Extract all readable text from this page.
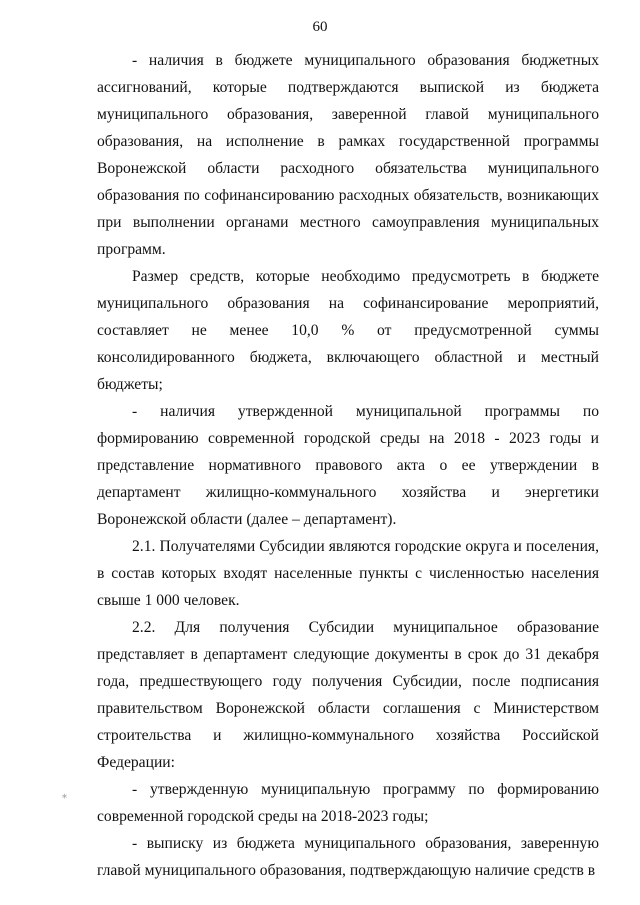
60

- наличия в бюджете муниципального образования бюджетных ассигнований, которые подтверждаются выпиской из бюджета муниципального образования, заверенной главой муниципального образования, на исполнение в рамках государственной программы Воронежской области расходного обязательства муниципального образования по софинансированию расходных обязательств, возникающих при выполнении органами местного самоуправления муниципальных программ.

Размер средств, которые необходимо предусмотреть в бюджете муниципального образования на софинансирование мероприятий, составляет не менее 10,0 % от предусмотренной суммы консолидированного бюджета, включающего областной и местный бюджеты;

- наличия утвержденной муниципальной программы по формированию современной городской среды на 2018 - 2023 годы и представление нормативного правового акта о ее утверждении в департамент жилищно-коммунального хозяйства и энергетики Воронежской области (далее – департамент).

2.1. Получателями Субсидии являются городские округа и поселения, в состав которых входят населенные пункты с численностью населения свыше 1 000 человек.

2.2. Для получения Субсидии муниципальное образование представляет в департамент следующие документы в срок до 31 декабря года, предшествующего году получения Субсидии, после подписания правительством Воронежской области соглашения с Министерством строительства и жилищно-коммунального хозяйства Российской Федерации:

- утвержденную муниципальную программу по формированию современной городской среды на 2018-2023 годы;

- выписку из бюджета муниципального образования, заверенную главой муниципального образования, подтверждающую наличие средств в

⁎
